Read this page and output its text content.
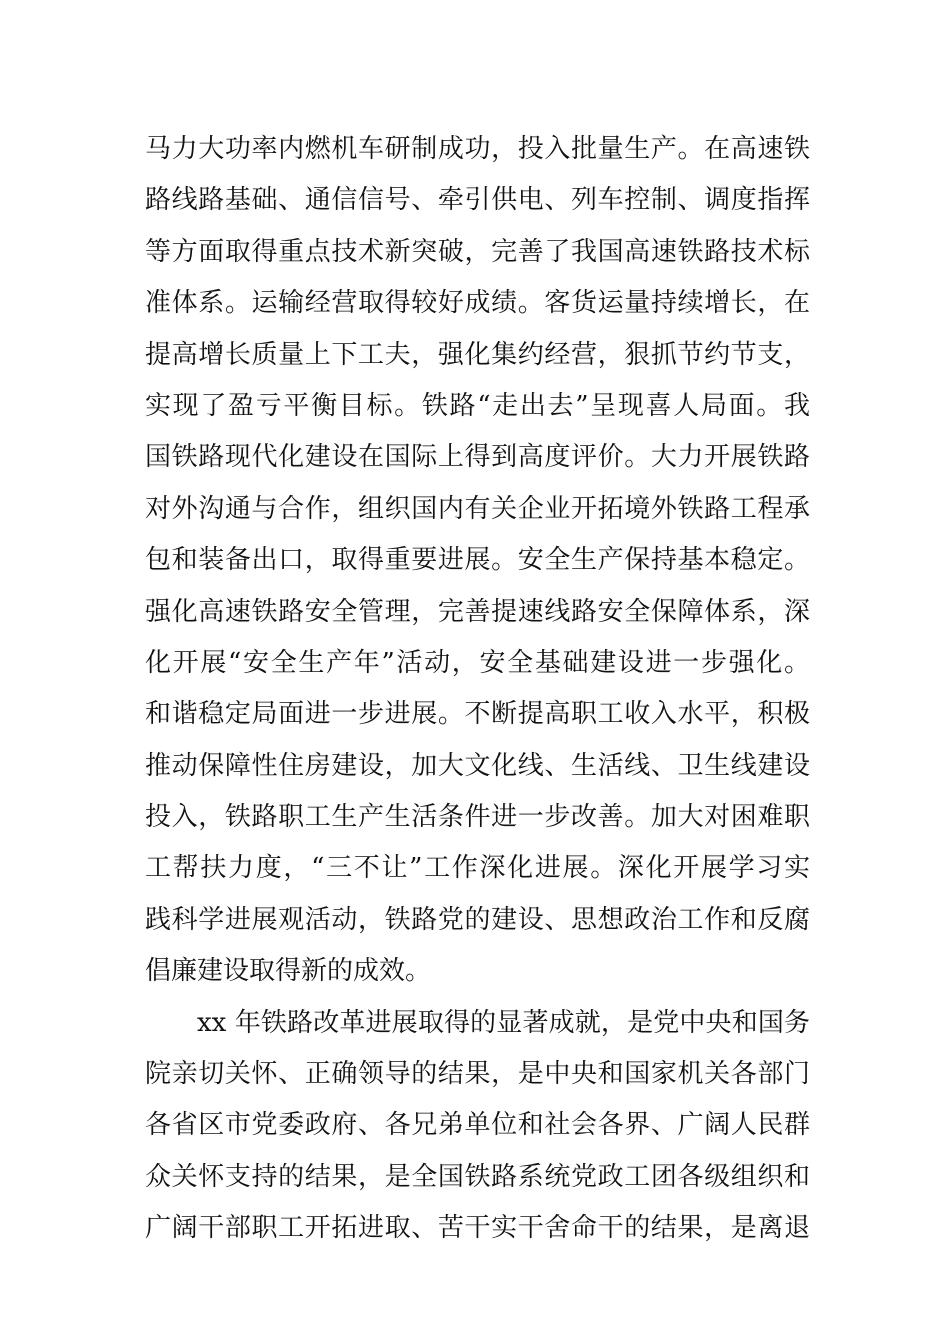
马力大功率内燃机车研制成功，投入批量生产。在高速铁
路线路基础、通信信号、牵引供电、列车控制、调度指挥
等方面取得重点技术新突破，完善了我国高速铁路技术标
准体系。运输经营取得较好成绩。客货运量持续增长，在
提高增长质量上下工夫，强化集约经营，狠抓节约节支，
实现了盈亏平衡目标。铁路“走出去”呈现喜人局面。我
国铁路现代化建设在国际上得到高度评价。大力开展铁路
对外沟通与合作，组织国内有关企业开拓境外铁路工程承
包和装备出口，取得重要进展。安全生产保持基本稳定。
强化高速铁路安全管理，完善提速线路安全保障体系，深
化开展“安全生产年”活动，安全基础建设进一步强化。
和谐稳定局面进一步进展。不断提高职工收入水平，积极
推动保障性住房建设，加大文化线、生活线、卫生线建设
投入，铁路职工生产生活条件进一步改善。加大对困难职
工帮扶力度，“三不让”工作深化进展。深化开展学习实
践科学进展观活动，铁路党的建设、思想政治工作和反腐
倡廉建设取得新的成效。
xx 年铁路改革进展取得的显著成就，是党中央和国务
院亲切关怀、正确领导的结果，是中央和国家机关各部门
各省区市党委政府、各兄弟单位和社会各界、广阔人民群
众关怀支持的结果，是全国铁路系统党政工团各级组织和
广阔干部职工开拓进取、苦干实干舍命干的结果，是离退
